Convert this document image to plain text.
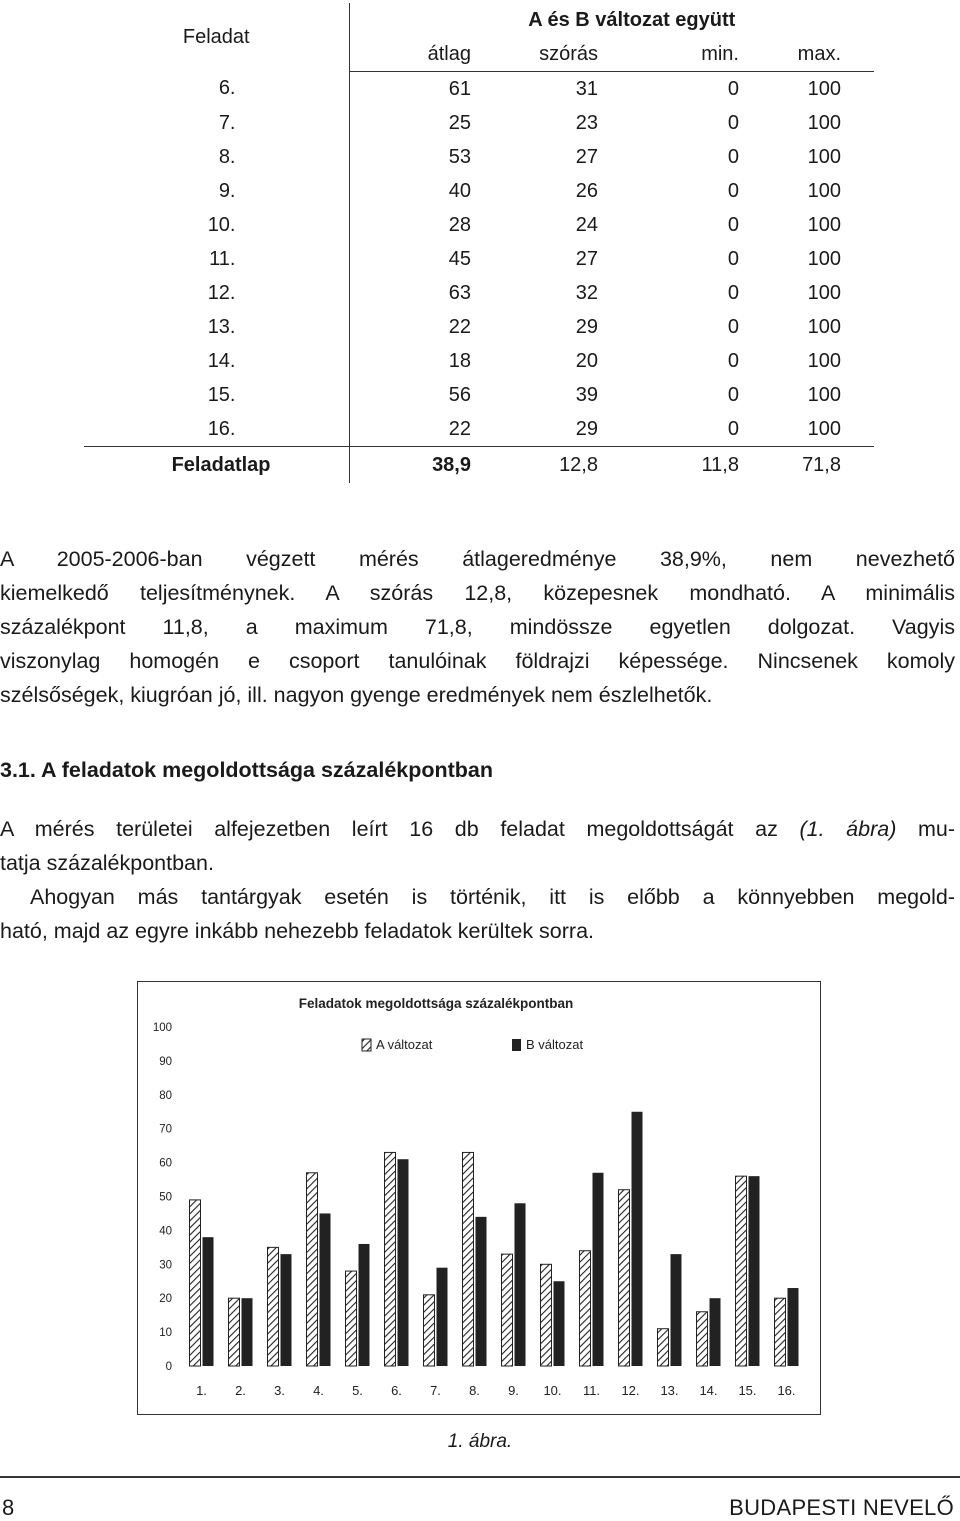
Feladat	A és B változat együtt			
	átlag	szórás	min.	max.
6.	61	31	0	100
7.	25	23	0	100
8.	53	27	0	100
9.	40	26	0	100
10.	28	24	0	100
11.	45	27	0	100
12.	63	32	0	100
13.	22	29	0	100
14.	18	20	0	100
15.	56	39	0	100
16.	22	29	0	100
Feladatlap	38,9	12,8	11,8	71,8
A 2005-2006-ban végzett mérés átlageredménye 38,9%, nem nevezhető
kiemelkedő teljesítménynek. A szórás 12,8, közepesnek mondható. A minimális
százalékpont 11,8, a maximum 71,8, mindössze egyetlen dolgozat. Vagyis
viszonylag homogén e csoport tanulóinak földrajzi képessége. Nincsenek komoly
szélsőségek, kiugróan jó, ill. nagyon gyenge eredmények nem észlelhetők.
3.1. A feladatok megoldottsága százalékpontban
A mérés területei alfejezetben leírt 16 db feladat megoldottságát az (1. ábra) mu-
tatja százalékpontban.
Ahogyan más tantárgyak esetén is történik, itt is előbb a könnyebben megold-
ható, majd az egyre inkább nehezebb feladatok kerültek sorra.
Feladatok megoldottsága százalékpontban
A változat	B változat
0
10
20
30
40
50
60
70
80
90
100
1. 2. 3. 4. 5. 6. 7. 8. 9. 10. 11. 12. 13. 14. 15. 16.
1. ábra.
8	BUDAPESTI NEVELŐ
